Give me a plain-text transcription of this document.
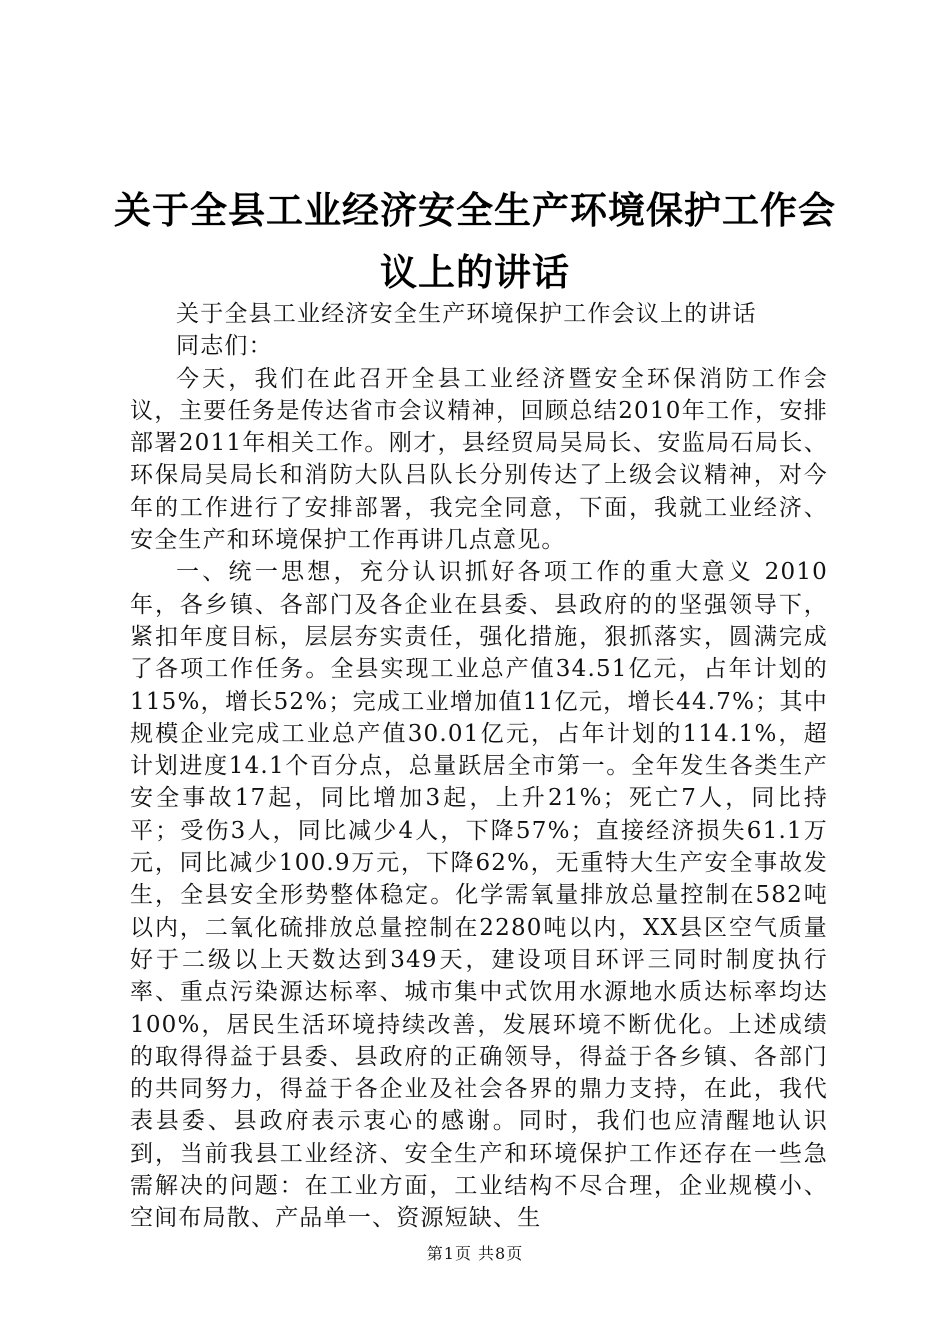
关于全县工业经济安全生产环境保护工作会议上的讲话

关于全县工业经济安全生产环境保护工作会议上的讲话

同志们：

今天，我们在此召开全县工业经济暨安全环保消防工作会议，主要任务是传达省市会议精神，回顾总结2010年工作，安排部署2011年相关工作。刚才，县经贸局吴局长、安监局石局长、环保局吴局长和消防大队吕队长分别传达了上级会议精神，对今年的工作进行了安排部署，我完全同意，下面，我就工业经济、安全生产和环境保护工作再讲几点意见。

一、统一思想，充分认识抓好各项工作的重大意义 2010年，各乡镇、各部门及各企业在县委、县政府的的坚强领导下，紧扣年度目标，层层夯实责任，强化措施，狠抓落实，圆满完成了各项工作任务。全县实现工业总产值34.51亿元，占年计划的115%，增长52%；完成工业增加值11亿元，增长44.7%；其中规模企业完成工业总产值30.01亿元，占年计划的114.1%，超计划进度14.1个百分点，总量跃居全市第一。全年发生各类生产安全事故17起，同比增加3起，上升21%；死亡7人，同比持平；受伤3人，同比减少4人，下降57%；直接经济损失61.1万元，同比减少100.9万元，下降62%，无重特大生产安全事故发生，全县安全形势整体稳定。化学需氧量排放总量控制在582吨以内，二氧化硫排放总量控制在2280吨以内，XX县区空气质量好于二级以上天数达到349天，建设项目环评三同时制度执行率、重点污染源达标率、城市集中式饮用水源地水质达标率均达100%，居民生活环境持续改善，发展环境不断优化。上述成绩的取得得益于县委、县政府的正确领导，得益于各乡镇、各部门的共同努力，得益于各企业及社会各界的鼎力支持，在此，我代表县委、县政府表示衷心的感谢。同时，我们也应清醒地认识到，当前我县工业经济、安全生产和环境保护工作还存在一些急需解决的问题：在工业方面，工业结构不尽合理，企业规模小、空间布局散、产品单一、资源短缺、生

第1页 共8页
